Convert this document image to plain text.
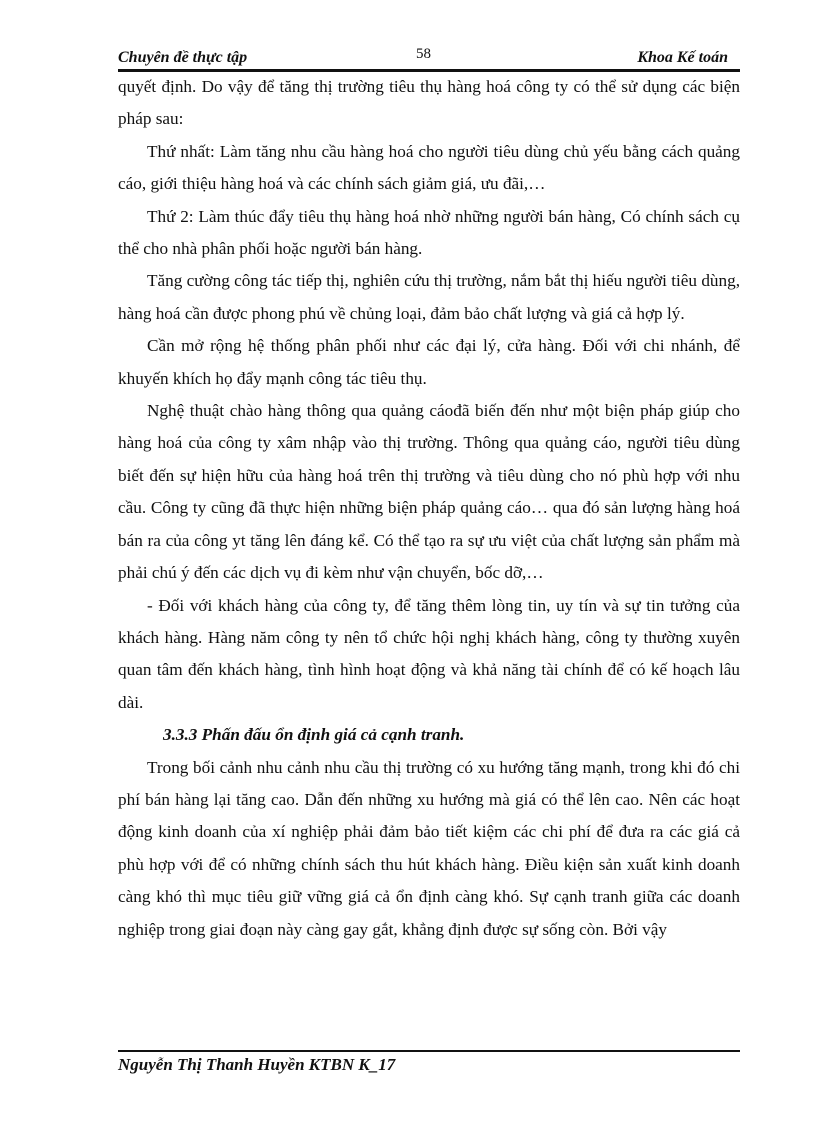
Chuyên đề thực tập	58	Khoa Kế toán

quyết định. Do vậy để tăng thị trường tiêu thụ hàng hoá công ty có thể sử dụng các biện pháp sau:

Thứ nhất: Làm tăng nhu cầu hàng hoá cho người tiêu dùng chủ yếu bằng cách quảng cáo, giới thiệu hàng hoá và các chính sách giảm giá, ưu đãi,…

Thứ 2: Làm thúc đẩy tiêu thụ hàng hoá nhờ những người bán hàng, Có chính sách cụ thể cho nhà phân phối hoặc người bán hàng.

Tăng cường công tác tiếp thị, nghiên cứu thị trường, nắm bắt thị hiếu người tiêu dùng, hàng hoá cần được phong phú về chủng loại, đảm bảo chất lượng và giá cả hợp lý.

Cần mở rộng hệ thống phân phối như các đại lý, cửa hàng. Đối với chi nhánh, để khuyến khích họ đẩy mạnh công tác tiêu thụ.

Nghệ thuật chào hàng thông qua quảng cáođã biến đến như một biện pháp giúp cho hàng hoá của công ty xâm nhập vào thị trường. Thông qua quảng cáo, người tiêu dùng biết đến sự hiện hữu của hàng hoá trên thị trường và tiêu dùng cho nó phù hợp với nhu cầu. Công ty cũng đã thực hiện những biện pháp quảng cáo… qua đó sản lượng hàng hoá bán ra của công yt tăng lên đáng kể. Có thể tạo ra sự ưu việt của chất lượng sản phẩm mà phải chú ý đến các dịch vụ đi kèm như vận chuyển, bốc dỡ,…

- Đối với khách hàng của công ty, để tăng thêm lòng tin, uy tín và sự tin tưởng của khách hàng. Hàng năm công ty nên tổ chức hội nghị khách hàng, công ty thường xuyên quan tâm đến khách hàng, tình hình hoạt động và khả năng tài chính để có kế hoạch lâu dài.

3.3.3 Phấn đấu ổn định giá cả cạnh tranh.

Trong bối cảnh nhu cảnh nhu cầu thị trường có xu hướng tăng mạnh, trong khi đó chi phí bán hàng lại tăng cao. Dẫn đến những xu hướng mà giá có thể lên cao. Nên các hoạt động kinh doanh của xí nghiệp phải đảm bảo tiết kiệm các chi phí để đưa ra các giá cả phù hợp với để có những chính sách thu hút khách hàng. Điều kiện sản xuất kinh doanh càng khó thì mục tiêu giữ vững giá cả ổn định càng khó. Sự cạnh tranh giữa các doanh nghiệp trong giai đoạn này càng gay gắt, khẳng định được sự sống còn. Bởi vậy

Nguyễn Thị Thanh Huyền KTBN K_17
